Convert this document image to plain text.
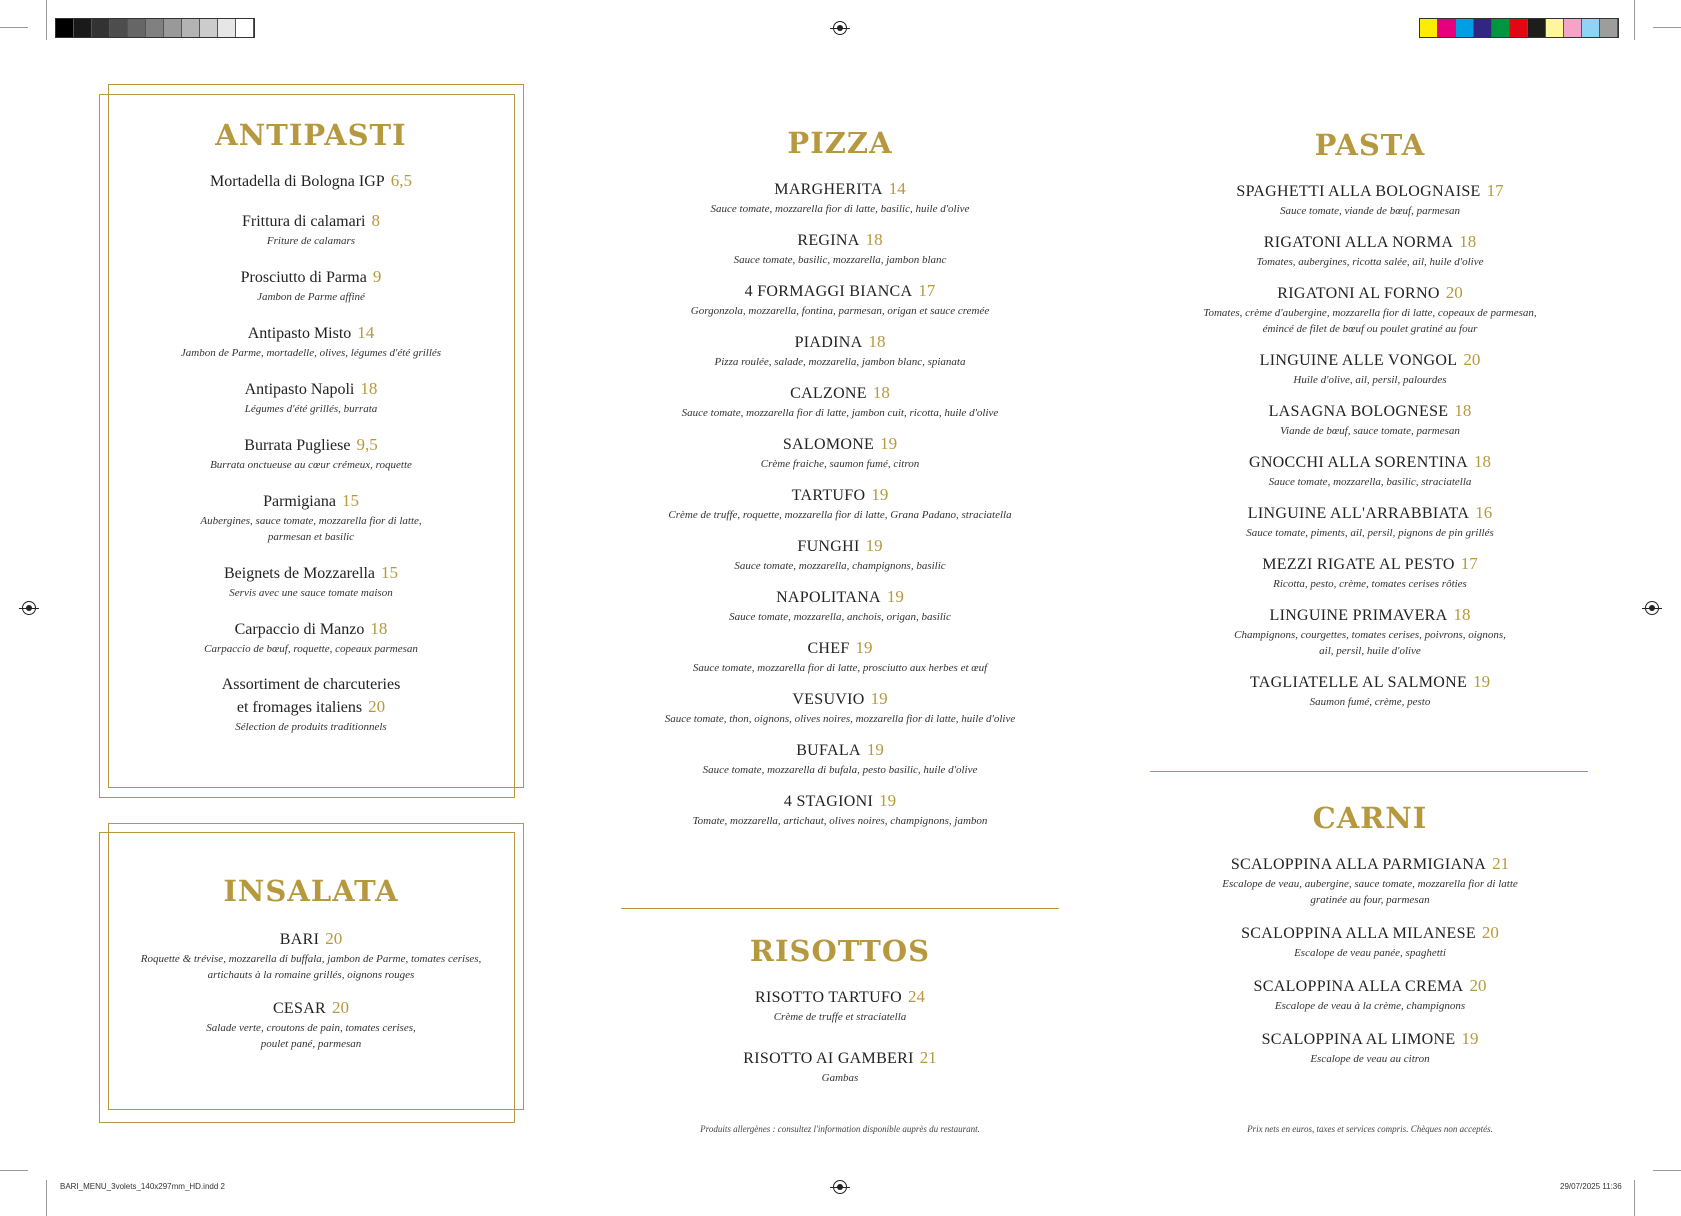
BARI_MENU_3volets_140x297mm_HD.indd 2	29/07/2025 11:36
ANTIPASTI
Mortadella di Bologna IGP 6,5
Frittura di calamari 8
Friture de calamars
Prosciutto di Parma 9
Jambon de Parme affiné
Antipasto Misto 14
Jambon de Parme, mortadelle, olives, légumes d'été grillés
Antipasto Napoli 18
Légumes d'été grillés, burrata
Burrata Pugliese 9,5
Burrata onctueuse au cœur crémeux, roquette
Parmigiana 15
Aubergines, sauce tomate, mozzarella fior di latte,
parmesan et basilic
Beignets de Mozzarella 15
Servis avec une sauce tomate maison
Carpaccio di Manzo 18
Carpaccio de bœuf, roquette, copeaux parmesan
Assortiment de charcuteries
et fromages italiens 20
Sélection de produits traditionnels
INSALATA
BARI 20
Roquette & trévise, mozzarella di buffala, jambon de Parme, tomates cerises,
artichauts à la romaine grillés, oignons rouges
CESAR 20
Salade verte, croutons de pain, tomates cerises,
poulet pané, parmesan
PIZZA
MARGHERITA 14
Sauce tomate, mozzarella fior di latte, basilic, huile d'olive
REGINA 18
Sauce tomate, basilic, mozzarella, jambon blanc
4 FORMAGGI BIANCA 17
Gorgonzola, mozzarella, fontina, parmesan, origan et sauce cremée
PIADINA 18
Pizza roulée, salade, mozzarella, jambon blanc, spianata
CALZONE 18
Sauce tomate, mozzarella fior di latte, jambon cuit, ricotta, huile d'olive
SALOMONE 19
Crème fraiche, saumon fumé, citron
TARTUFO 19
Crème de truffe, roquette, mozzarella fior di latte, Grana Padano, straciatella
FUNGHI 19
Sauce tomate, mozzarella, champignons, basilic
NAPOLITANA 19
Sauce tomate, mozzarella, anchois, origan, basilic
CHEF 19
Sauce tomate, mozzarella fior di latte, prosciutto aux herbes et œuf
VESUVIO 19
Sauce tomate, thon, oignons, olives noires, mozzarella fior di latte, huile d'olive
BUFALA 19
Sauce tomate, mozzarella di bufala, pesto basilic, huile d'olive
4 STAGIONI 19
Tomate, mozzarella, artichaut, olives noires, champignons, jambon
RISOTTOS
RISOTTO TARTUFO 24
Crème de truffe et straciatella
RISOTTO AI GAMBERI 21
Gambas
Produits allergènes : consultez l'information disponible auprès du restaurant.
PASTA
SPAGHETTI ALLA BOLOGNAISE 17
Sauce tomate, viande de bœuf, parmesan
RIGATONI ALLA NORMA 18
Tomates, aubergines, ricotta salée, ail, huile d'olive
RIGATONI AL FORNO 20
Tomates, crème d'aubergine, mozzarella fior di latte, copeaux de parmesan,
émincé de filet de bœuf ou poulet gratiné au four
LINGUINE ALLE VONGOL 20
Huile d'olive, ail, persil, palourdes
LASAGNA BOLOGNESE 18
Viande de bœuf, sauce tomate, parmesan
GNOCCHI ALLA SORENTINA 18
Sauce tomate, mozzarella, basilic, straciatella
LINGUINE ALL'ARRABBIATA 16
Sauce tomate, piments, ail, persil, pignons de pin grillés
MEZZI RIGATE AL PESTO 17
Ricotta, pesto, crème, tomates cerises rôties
LINGUINE PRIMAVERA 18
Champignons, courgettes, tomates cerises, poivrons, oignons,
ail, persil, huile d'olive
TAGLIATELLE AL SALMONE 19
Saumon fumé, crème, pesto
CARNI
SCALOPPINA ALLA PARMIGIANA 21
Escalope de veau, aubergine, sauce tomate, mozzarella fior di latte
gratinée au four, parmesan
SCALOPPINA ALLA MILANESE 20
Escalope de veau panée, spaghetti
SCALOPPINA ALLA CREMA 20
Escalope de veau à la crème, champignons
SCALOPPINA AL LIMONE 19
Escalope de veau au citron
Prix nets en euros, taxes et services compris. Chèques non acceptés.
